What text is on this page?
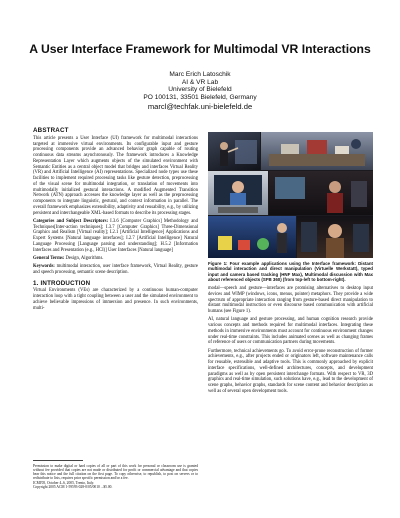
A User Interface Framework for Multimodal VR Interactions
Marc Erich Latoschik
AI & VR Lab
University of Bielefeld
PO 100131, 33501 Bielefeld, Germany
marcl@techfak.uni-bielefeld.de
ABSTRACT

This article presents a User Interface (UI) framework for multimodal interactions targeted at immersive virtual environments. Its configurable input and gesture processing components provide an advanced behavior graph capable of routing continuous data streams asynchronously. The framework introduces a Knowledge Representation Layer which augments objects of the simulated environment with Semantic Entities as a central object model that bridges and interfaces Virtual Reality (VR) and Artificial Intelligence (AI) representations. Specialized node types use these facilities to implement required processing tasks like gesture detection, preprocessing of the visual scene for multimodal integration, or translation of movements into multimodally initialized gestural interactions. A modified Augmented Transition Network (ATN) approach accesses the knowledge layer as well as the preprocessing components to integrate linguistic, gestural, and context information in parallel. The overall framework emphasizes extensibility, adaptivity and reusability, e.g., by utilizing persistent and interchangeable XML-based formats to describe its processing stages.

Categories and Subject Descriptors: I.3.6 [Computer Graphics] Methodology and Techniques[Inter-action techniques]; I.3.7 [Computer Graphics] Three-Dimensional Graphics and Realism [Virtual reality]; I.2.1 [Artificial Intelligence] Applications and Expert Systems [Natural language interfaces]; I.2.7 [Artificial Intelligence] Natural Language Processing [Language parsing and understanding]; H.5.2 [Information Interfaces and Presentation (e.g., HCI)] User Interfaces [Natural language]

General Terms: Design, Algorithms.

Keywords: multimodal interaction, user interface framework, Virtual Reality, gesture and speech processing, semantic scene description.

1. INTRODUCTION

Virtual Environments (VEs) are characterized by a continuous human-computer interaction loop with a tight coupling between a user and the simulated environment to achieve believable impressions of immersion and presence. In such environments, multi-

Permission to make digital or hard copies of all or part of this work for personal or classroom use is granted without fee provided that copies are not made or distributed for profit or commercial advantage and that copies bear this notice and the full citation on the first page. To copy otherwise, to republish, to post on servers or to redistribute to lists, requires prior specific permission and/or a fee.
ICMI'05, October 4–6, 2005, Trento, Italy.
Copyright 2005 ACM 1-59593-028-0/05/0010 ...$5.00.
Figure 1: Four example applications using the Interface framework: Distant multimodal interaction and direct manipulation (Virtuelle Werkstatt), typed input and camera based tracking (HNF Max), Multimodal discussion with Max about referenced objects (SFB 360) (from top-left to bottom-right).

modal—speech and gesture—interfaces are promising alternatives to desktop input devices and WIMP (windows, icons, menus, pointer) metaphors. They provide a wide spectrum of appropriate interaction ranging from gesture-based direct manipulation to distant multimodal instruction or even discourse based communication with artificial humans (see Figure 1).

AI, natural language and gesture processing, and human cognition research provide various concepts and methods required for multimodal interfaces. Integrating these methods in immersive environments must account for continuous environment changes under real-time constraints. This includes animated scenes as well as changing frames of reference of users or communication partners during movements.

Furthermore, technical achievements go. To avoid error-prone reconstruction of former achievements, e.g., after projects ended or originators left, software maintenance calls for reusable, extensible and adaptive tools. This is commonly approached by explicit interface specifications, well-defined architectures, concepts, and development paradigms as well as by open persistent interchange formats. With respect to VR, 3D graphics and real-time simulation, such solutions have, e.g., lead to the development of scene graphs, behavior graphs, standards for scene content and behavior description as well as of several open development tools.
